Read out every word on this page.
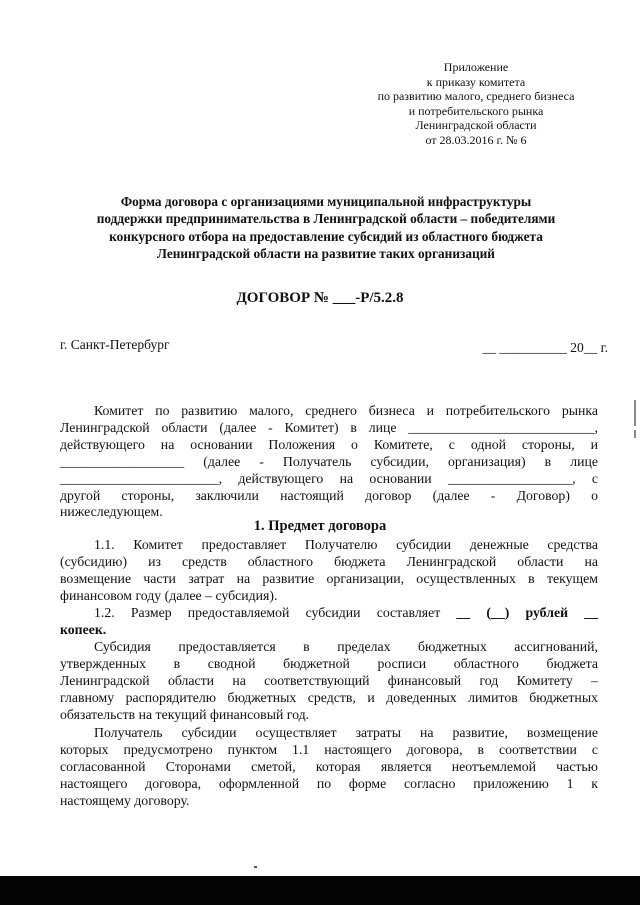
Приложение
к приказу комитета
по развитию малого, среднего бизнеса
и потребительского рынка
Ленинградской области
от 28.03.2016 г. № 6
Форма договора с организациями муниципальной инфраструктуры
поддержки предпринимательства в Ленинградской области – победителями
конкурсного отбора на предоставление субсидий из областного бюджета
Ленинградской области на развитие таких организаций
ДОГОВОР № ___-Р/5.2.8
г. Санкт-Петербург	__ __________ 20__ г.
Комитет по развитию малого, среднего бизнеса и потребительского рынка
Ленинградской области (далее - Комитет) в лице ___________________________,
действующего на основании Положения о Комитете, с одной стороны, и
__________________ (далее - Получатель субсидии, организация) в лице
_______________________, действующего на основании __________________, с
другой стороны, заключили настоящий договор (далее - Договор) о
нижеследующем.
1. Предмет договора
1.1. Комитет предоставляет Получателю субсидии денежные средства
(субсидию) из средств областного бюджета Ленинградской области на
возмещение части затрат на развитие организации, осуществленных в текущем
финансовом году (далее – субсидия).
1.2. Размер предоставляемой субсидии составляет __ (__) рублей __
копеек.
Субсидия предоставляется в пределах бюджетных ассигнований,
утвержденных в сводной бюджетной росписи областного бюджета
Ленинградской области на соответствующий финансовый год Комитету –
главному распорядителю бюджетных средств, и доведенных лимитов бюджетных
обязательств на текущий финансовый год.
Получатель субсидии осуществляет затраты на развитие, возмещение
которых предусмотрено пунктом 1.1 настоящего договора, в соответствии с
согласованной Сторонами сметой, которая является неотъемлемой частью
настоящего договора, оформленной по форме согласно приложению 1 к
настоящему договору.
